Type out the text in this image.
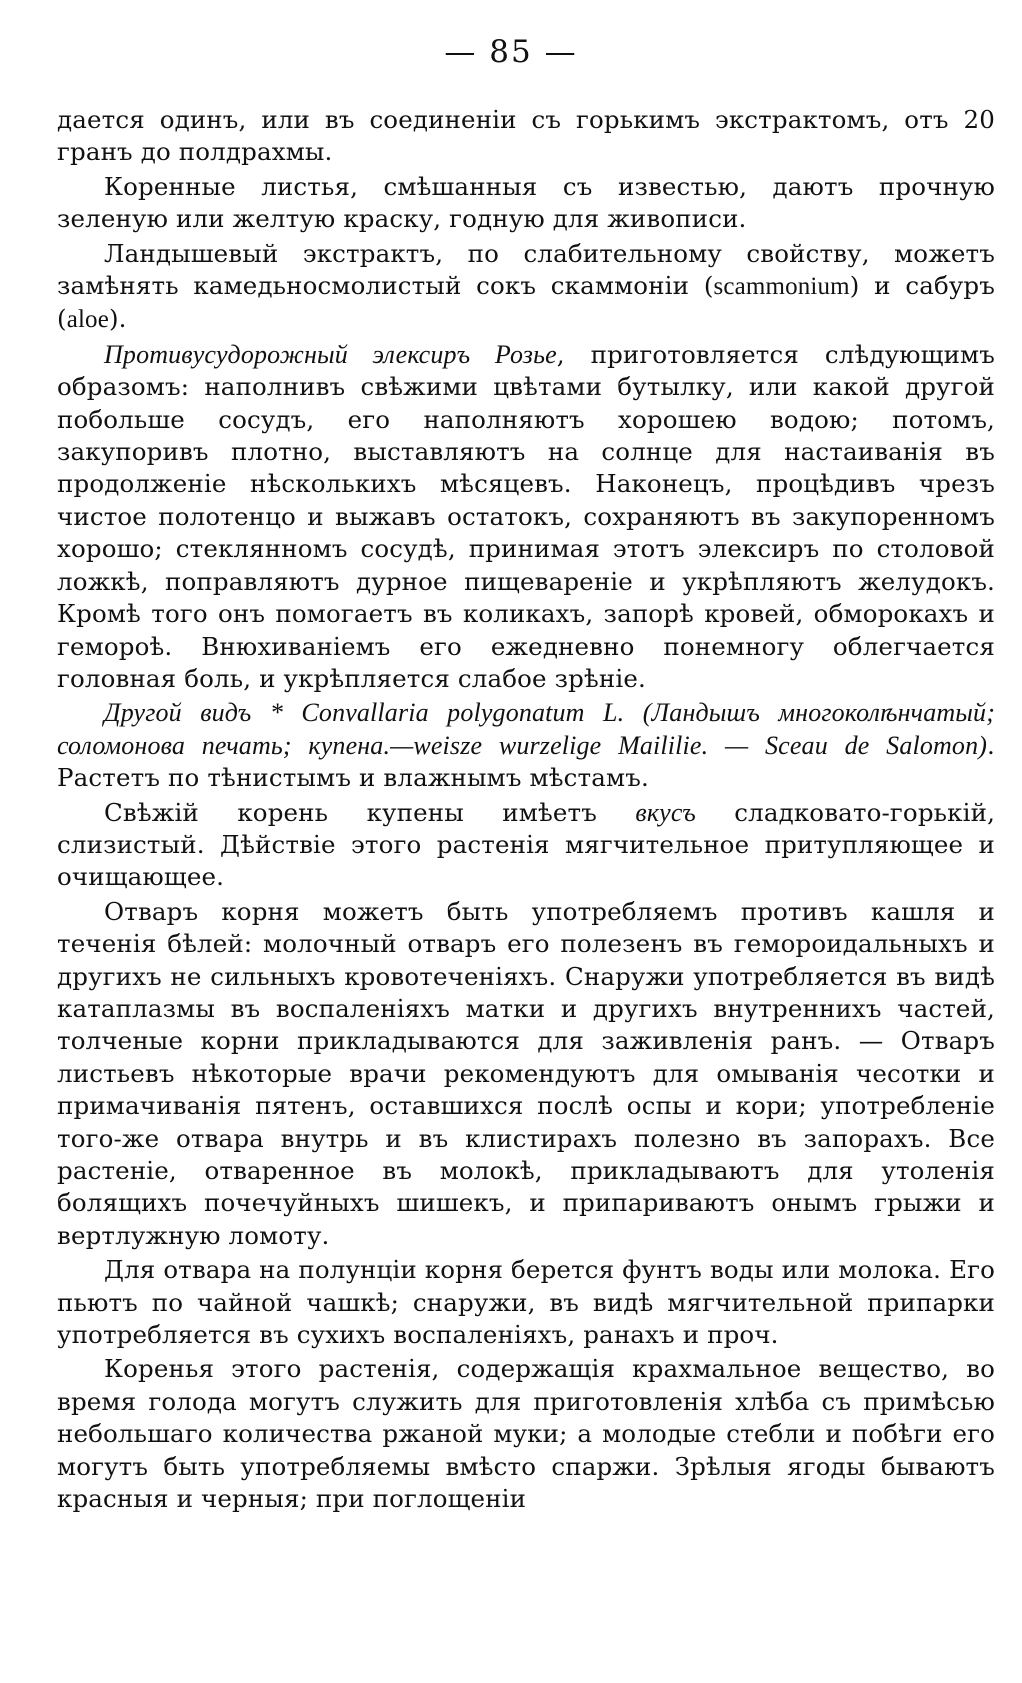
— 85 —

дается одинъ, или въ соединенiи съ горькимъ экстрактомъ, отъ 20 гранъ до полдрахмы.

Коренные листья, смѣшанныя съ известью, даютъ прочную зеленую или желтую краску, годную для живописи.

Ландышевый экстрактъ, по слабительному свойству, можетъ замѣнять камедьносмолистый сокъ скаммонiи (scammonium) и сабуръ (aloe).

Противусудорожный элексиръ Розье, приготовляется слѣдующимъ образомъ: наполнивъ свѣжими цвѣтами бутылку, или какой другой побольше сосудъ, его наполняютъ хорошею водою; потомъ, закупоривъ плотно, выставляютъ на солнце для настаиванiя въ продолженiе нѣсколькихъ мѣсяцевъ. Наконецъ, процѣдивъ чрезъ чистое полотенцо и выжавъ остатокъ, сохраняютъ въ закупоренномъ хорошо; стеклянномъ сосудѣ, принимая этотъ элексиръ по столовой ложкѣ, поправляютъ дурное пищеваренiе и укрѣпляютъ желудокъ. Кромѣ того онъ помогаетъ въ коликахъ, запорѣ кровей, обморокахъ и гемороѣ. Внюхиванiемъ его ежедневно понемногу облегчается головная боль, и укрѣпляется слабое зрѣнiе.

Другой видъ * Convallaria polygonatum L. (Ландышъ многоколѣнчатый; соломонова печать; купена.—weisze wurzelige Maililie. — Sceau de Salomon). Растетъ по тѣнистымъ и влажнымъ мѣстамъ.

Свѣжiй корень купены имѣетъ вкусъ сладковато-горькiй, слизистый. Дѣйствiе этого растенiя мягчительное притупляющее и очищающее.

Отваръ корня можетъ быть употребляемъ противъ кашля и теченiя бѣлей: молочный отваръ его полезенъ въ гемороидальныхъ и другихъ не сильныхъ кровотеченiяхъ. Снаружи употребляется въ видѣ катаплазмы въ воспаленiяхъ матки и другихъ внутреннихъ частей, толченые корни прикладываются для заживленiя ранъ. — Отваръ листьевъ нѣкоторые врачи рекомендуютъ для омыванiя чесотки и примачиванiя пятенъ, оставшихся послѣ оспы и кори; употребленiе того-же отвара внутрь и въ клистирахъ полезно въ запорахъ. Все растенiе, отваренное въ молокѣ, прикладываютъ для утоленiя болящихъ почечуйныхъ шишекъ, и припариваютъ онымъ грыжи и вертлужную ломоту.

Для отвара на полунцiи корня берется фунтъ воды или молока. Его пьютъ по чайной чашкѣ; снаружи, въ видѣ мягчительной припарки употребляется въ сухихъ воспаленiяхъ, ранахъ и проч.

Коренья этого растенiя, содержащiя крахмальное вещество, во время голода могутъ служить для приготовленiя хлѣба съ примѣсью небольшаго количества ржаной муки; а молодые стебли и побѣги его могутъ быть употребляемы вмѣсто спаржи. Зрѣлыя ягоды бываютъ красныя и черныя; при поглощенiи
